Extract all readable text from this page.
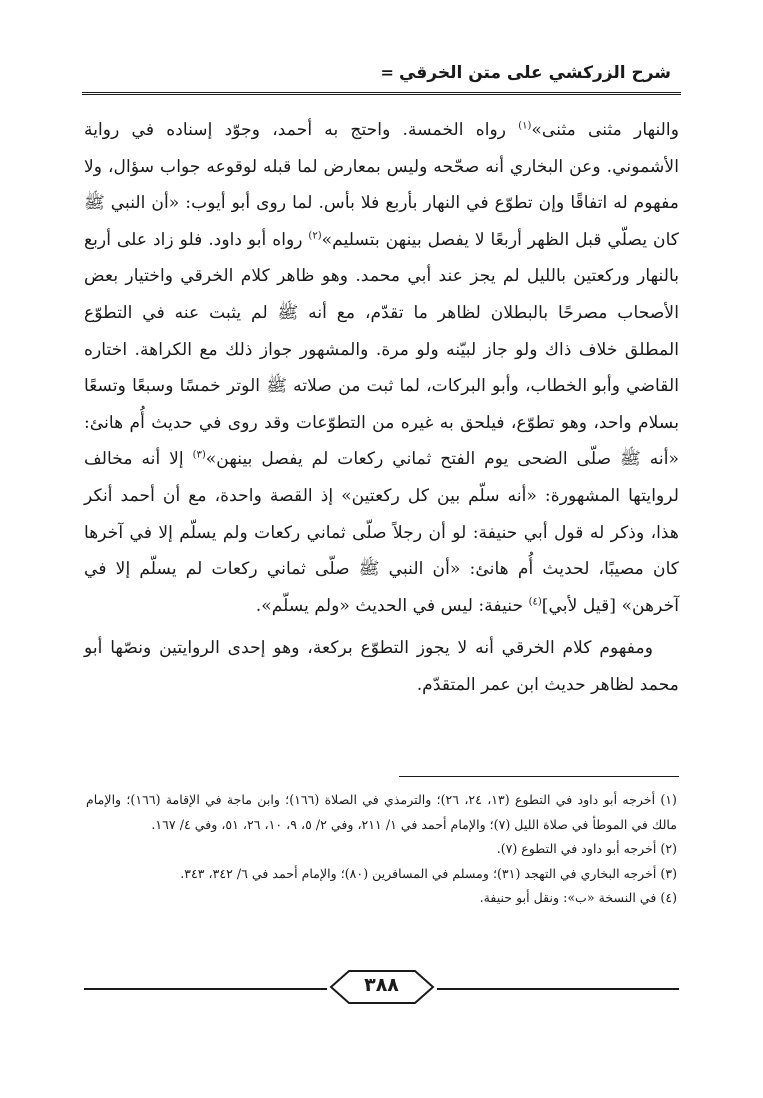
شرح الزركشي على متن الخرقي =

والنهار مثنى مثنى»$^{(١)}$ رواه الخمسة. واحتج به أحمد، وجوّد إسناده في رواية الأشموني. وعن البخاري أنه صحّحه وليس بمعارض لما قبله لوقوعه جواب سؤال، ولا مفهوم له اتفاقًا وإن تطوّع في النهار بأربع فلا بأس. لما روى أبو أيوب: «أن النبي ﷺ كان يصلّي قبل الظهر أربعًا لا يفصل بينهن بتسليم»$^{(٢)}$ رواه أبو داود. فلو زاد على أربع بالنهار وركعتين بالليل لم يجز عند أبي محمد. وهو ظاهر كلام الخرقي واختيار بعض الأصحاب مصرحًا بالبطلان لظاهر ما تقدّم، مع أنه ﷺ لم يثبت عنه في التطوّع المطلق خلاف ذاك ولو جاز لبيّنه ولو مرة. والمشهور جواز ذلك مع الكراهة. اختاره القاضي وأبو الخطاب، وأبو البركات، لما ثبت من صلاته ﷺ الوتر خمسًا وسبعًا وتسعًا بسلام واحد، وهو تطوّع، فيلحق به غيره من التطوّعات وقد روى في حديث أُم هانئ: «أنه ﷺ صلّى الضحى يوم الفتح ثماني ركعات لم يفصل بينهن»$^{(٣)}$ إلا أنه مخالف لروايتها المشهورة: «أنه سلّم بين كل ركعتين» إذ القصة واحدة، مع أن أحمد أنكر هذا، وذكر له قول أبي حنيفة: لو أن رجلاً صلّى ثماني ركعات ولم يسلّم إلا في آخرها كان مصيبًا، لحديث أُم هانئ: «أن النبي ﷺ صلّى ثماني ركعات لم يسلّم إلا في آخرهن» [قيل لأبي]$^{(٤)}$ حنيفة: ليس في الحديث «ولم يسلّم».

ومفهوم كلام الخرقي أنه لا يجوز التطوّع بركعة، وهو إحدى الروايتين ونصّها أبو محمد لظاهر حديث ابن عمر المتقدّم.

(١) أخرجه أبو داود في التطوع (١٣، ٢٤، ٢٦)؛ والترمذي في الصلاة (١٦٦)؛ وابن ماجة في الإقامة (١٦٦)؛ والإمام مالك في الموطأ في صلاة الليل (٧)؛ والإمام أحمد في ١/ ٢١١، وفي ٢/ ٥، ٩، ١٠، ٢٦، ٥١، وفي ٤/ ١٦٧.

(٢) أخرجه أبو داود في التطوع (٧).

(٣) أخرجه البخاري في التهجد (٣١)؛ ومسلم في المسافرين (٨٠)؛ والإمام أحمد في ٦/ ٣٤٢، ٣٤٣.

(٤) في النسخة «ب»: ونقل أبو حنيفة.

٣٨٨
